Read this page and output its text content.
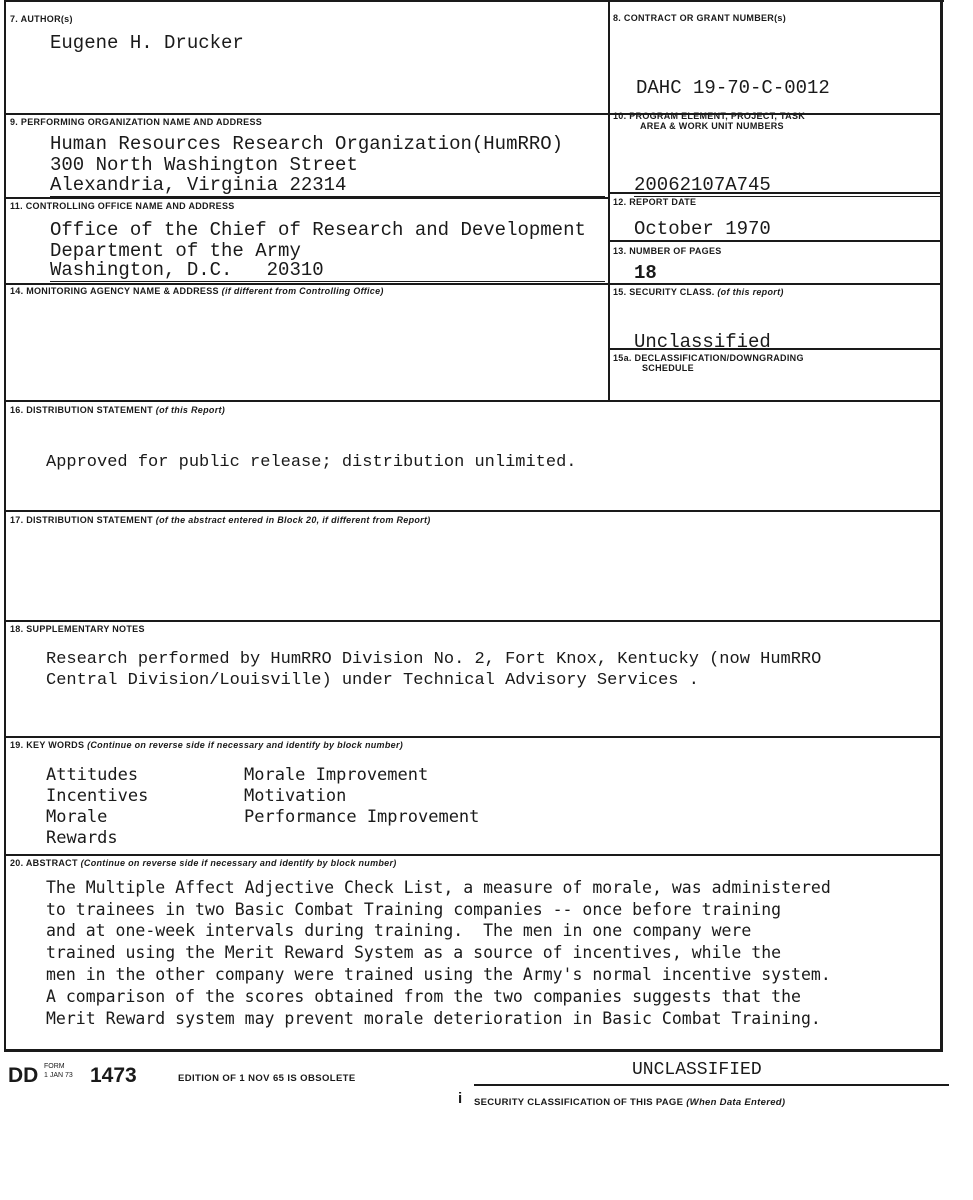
7. AUTHOR(s)
Eugene H. Drucker
8. CONTRACT OR GRANT NUMBER(s)
DAHC 19-70-C-0012
9. PERFORMING ORGANIZATION NAME AND ADDRESS
Human Resources Research Organization(HumRRO)
300 North Washington Street
Alexandria, Virginia 22314
10. PROGRAM ELEMENT, PROJECT, TASK
AREA & WORK UNIT NUMBERS
20062107A745
11. CONTROLLING OFFICE NAME AND ADDRESS
Office of the Chief of Research and Development
Department of the Army
Washington, D.C.   20310
12. REPORT DATE
October 1970
13. NUMBER OF PAGES
18
14. MONITORING AGENCY NAME & ADDRESS (if different from Controlling Office)	15. SECURITY CLASS. (of this report)
Unclassified
15a. DECLASSIFICATION/DOWNGRADING
SCHEDULE
16. DISTRIBUTION STATEMENT (of this Report)
Approved for public release; distribution unlimited.
17. DISTRIBUTION STATEMENT (of the abstract entered in Block 20, if different from Report)
18. SUPPLEMENTARY NOTES
Research performed by HumRRO Division No. 2, Fort Knox, Kentucky (now HumRRO
Central Division/Louisville) under Technical Advisory Services .
19. KEY WORDS (Continue on reverse side if necessary and identify by block number)
Attitudes
Incentives
Morale
Rewards
Morale Improvement
Motivation
Performance Improvement
20. ABSTRACT (Continue on reverse side if necessary and identify by block number)
The Multiple Affect Adjective Check List, a measure of morale, was administered
to trainees in two Basic Combat Training companies -- once before training
and at one-week intervals during training.  The men in one company were
trained using the Merit Reward System as a source of incentives, while the
men in the other company were trained using the Army's normal incentive system.
A comparison of the scores obtained from the two companies suggests that the
Merit Reward system may prevent morale deterioration in Basic Combat Training.
DD FORM
1 JAN 73 1473	EDITION OF 1 NOV 65 IS OBSOLETE	UNCLASSIFIED
i SECURITY CLASSIFICATION OF THIS PAGE (When Data Entered)
